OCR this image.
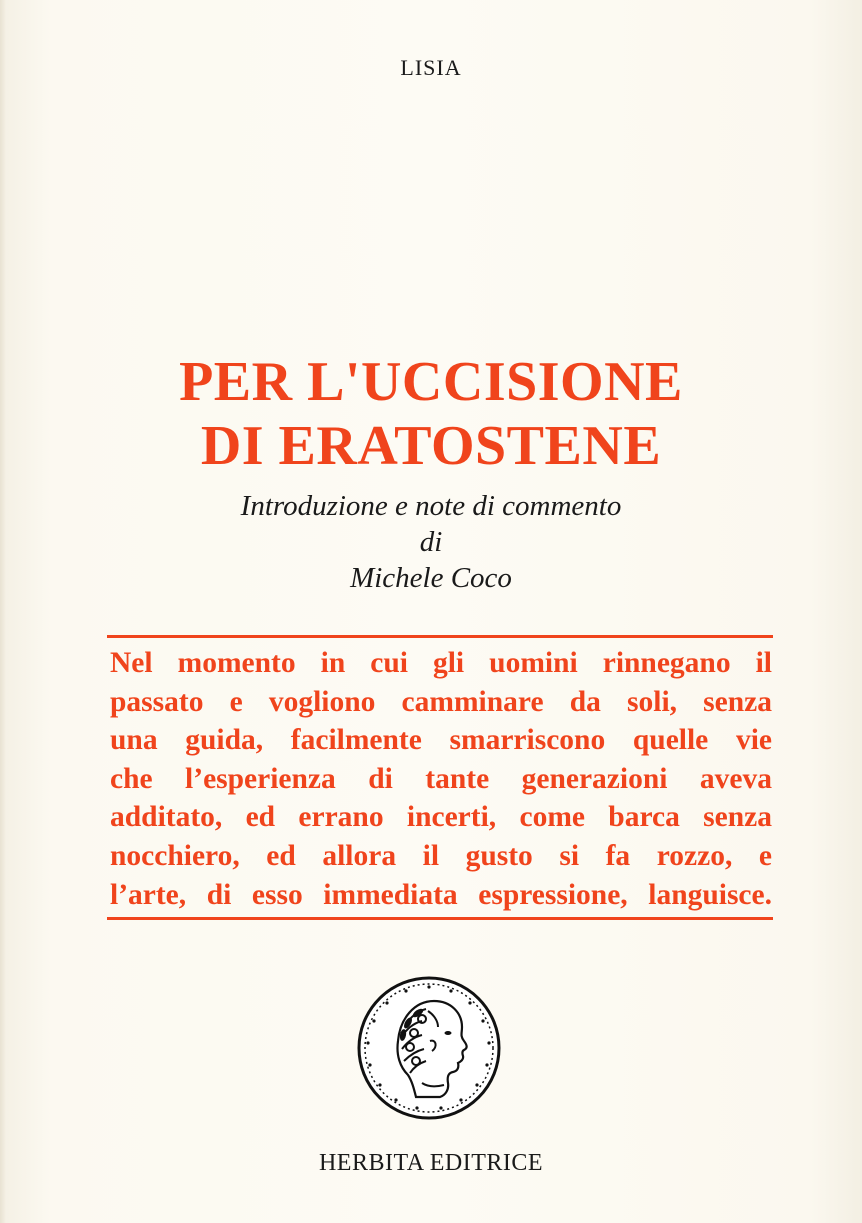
LISIA
PER L'UCCISIONE
DI ERATOSTENE
Introduzione e note di commento
di
Michele Coco
Nel momento in cui gli uomini rinnegano il
passato e vogliono camminare da soli, senza
una guida, facilmente smarriscono quelle vie
che l’esperienza di tante generazioni aveva
additato, ed errano incerti, come barca senza
nocchiero, ed allora il gusto si fa rozzo, e
l’arte, di esso immediata espressione, languisce.
HERBITA EDITRICE
